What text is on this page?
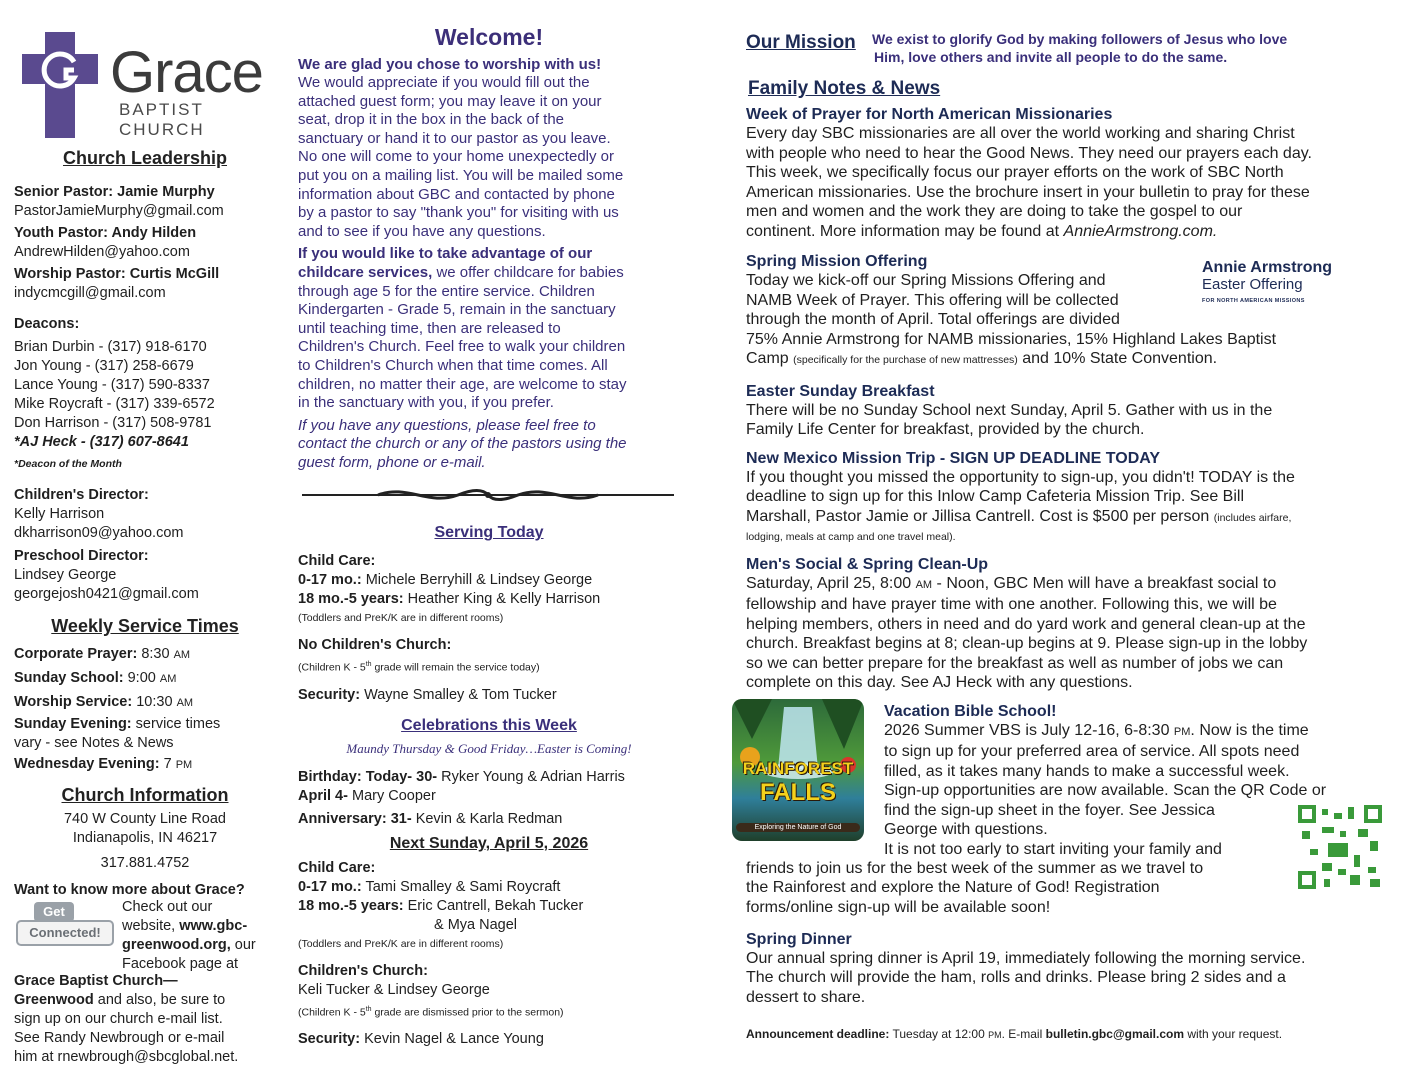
Grace
BAPTIST CHURCH
Church Leadership

Senior Pastor: Jamie Murphy

PastorJamieMurphy@gmail.com

Youth Pastor: Andy Hilden

AndrewHilden@yahoo.com

Worship Pastor: Curtis McGill

indycmcgill@gmail.com

Deacons:

Brian Durbin - (317) 918-6170

Jon Young - (317) 258-6679

Lance Young - (317) 590-8337

Mike Roycraft - (317) 339-6572

Don Harrison - (317) 508-9781

*AJ Heck - (317) 607-8641

*Deacon of the Month

Children's Director:

Kelly Harrison

dkharrison09@yahoo.com

Preschool Director:

Lindsey George

georgejosh0421@gmail.com

Weekly Service Times

Corporate Prayer: 8:30 AM

Sunday School: 9:00 AM

Worship Service: 10:30 AM

Sunday Evening: service times

vary - see Notes & News

Wednesday Evening: 7 PM

Church Information

740 W County Line Road

Indianapolis, IN 46217

317.881.4752

Want to know more about Grace?

Get
Connected!

Check out our

website, www.gbc-

greenwood.org, our

Facebook page at

Grace Baptist Church—

Greenwood and also, be sure to

sign up on our church e-mail list.

See Randy Newbrough or e-mail

him at rnewbrough@sbcglobal.net.

Welcome!

We are glad you chose to worship with us!

We would appreciate if you would fill out the
attached guest form; you may leave it on your
seat, drop it in the box in the back of the
sanctuary or hand it to our pastor as you leave.
No one will come to your home unexpectedly or
put you on a mailing list. You will be mailed some
information about GBC and contacted by phone
by a pastor to say "thank you" for visiting with us
and to see if you have any questions.
If you would like to take advantage of our
childcare services, we offer childcare for babies
through age 5 for the entire service. Children
Kindergarten - Grade 5, remain in the sanctuary
until teaching time, then are released to
Children's Church. Feel free to walk your children
to Children's Church when that time comes. All
children, no matter their age, are welcome to stay
in the sanctuary with you, if you prefer.
If you have any questions, please feel free to
contact the church or any of the pastors using the
guest form, phone or e-mail.
Serving Today

Child Care:

0-17 mo.: Michele Berryhill & Lindsey George

18 mo.-5 years: Heather King & Kelly Harrison

(Toddlers and PreK/K are in different rooms)

No Children's Church:

(Children K - 5th grade will remain the service today)

Security: Wayne Smalley & Tom Tucker

Celebrations this Week

Maundy Thursday & Good Friday…Easter is Coming!

Birthday: Today- 30- Ryker Young & Adrian Harris

April 4- Mary Cooper

Anniversary: 31- Kevin & Karla Redman

Next Sunday, April 5, 2026

Child Care:

0-17 mo.: Tami Smalley & Sami Roycraft

18 mo.-5 years: Eric Cantrell, Bekah Tucker

& Mya Nagel

(Toddlers and PreK/K are in different rooms)

Children's Church:

Keli Tucker & Lindsey George

(Children K - 5th grade are dismissed prior to the sermon)

Security: Kevin Nagel & Lance Young

Our Mission We exist to glorify God by making followers of Jesus who love
Him, love others and invite all people to do the same.
Family Notes & News

Week of Prayer for North American Missionaries

Every day SBC missionaries are all over the world working and sharing Christ

with people who need to hear the Good News. They need our prayers each day.

This week, we specifically focus our prayer efforts on the work of SBC North

American missionaries. Use the brochure insert in your bulletin to pray for these

men and women and the work they are doing to take the gospel to our

continent. More information may be found at AnnieArmstrong.com.

Spring Mission Offering

Today we kick-off our Spring Missions Offering and

NAMB Week of Prayer. This offering will be collected

through the month of April. Total offerings are divided

75% Annie Armstrong for NAMB missionaries, 15% Highland Lakes Baptist

Camp (specifically for the purchase of new mattresses) and 10% State Convention.

Annie Armstrong
Easter Offering
FOR NORTH AMERICAN MISSIONS

Easter Sunday Breakfast

There will be no Sunday School next Sunday, April 5. Gather with us in the

Family Life Center for breakfast, provided by the church.

New Mexico Mission Trip - SIGN UP DEADLINE TODAY

If you thought you missed the opportunity to sign-up, you didn't! TODAY is the

deadline to sign up for this Inlow Camp Cafeteria Mission Trip. See Bill

Marshall, Pastor Jamie or Jillisa Cantrell. Cost is $500 per person (includes airfare,

lodging, meals at camp and one travel meal).

Men's Social & Spring Clean-Up

Saturday, April 25, 8:00 AM - Noon, GBC Men will have a breakfast social to

fellowship and have prayer time with one another. Following this, we will be

helping members, others in need and do yard work and general clean-up at the

church. Breakfast begins at 8; clean-up begins at 9. Please sign-up in the lobby

so we can better prepare for the breakfast as well as number of jobs we can

complete on this day. See AJ Heck with any questions.

RAINFOREST
FALLS
Exploring the Nature of God

Vacation Bible School!

2026 Summer VBS is July 12-16, 6-8:30 PM. Now is the time

to sign up for your preferred area of service. All spots need

filled, as it takes many hands to make a successful week.

Sign-up opportunities are now available. Scan the QR Code or

find the sign-up sheet in the foyer. See Jessica

George with questions.

It is not too early to start inviting your family and

friends to join us for the best week of the summer as we travel to

the Rainforest and explore the Nature of God! Registration

forms/online sign-up will be available soon!

Spring Dinner

Our annual spring dinner is April 19, immediately following the morning service.

The church will provide the ham, rolls and drinks. Please bring 2 sides and a

dessert to share.

Announcement deadline: Tuesday at 12:00 PM. E-mail bulletin.gbc@gmail.com with your request.
